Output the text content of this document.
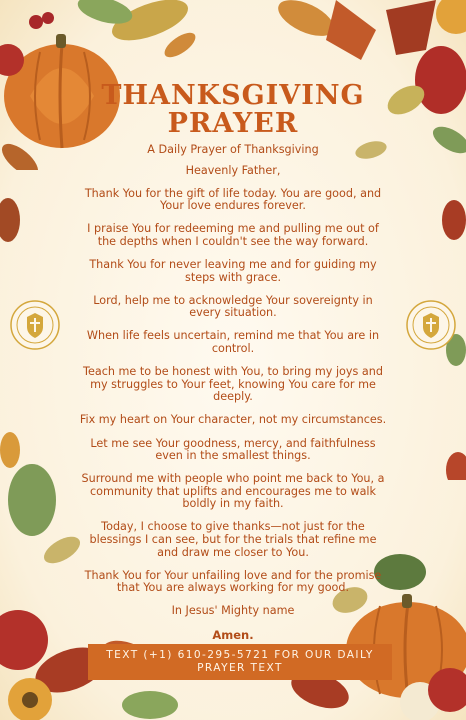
THANKSGIVING
PRAYER

A Daily Prayer of Thanksgiving

Heavenly Father,

Thank You for the gift of life today. You are good, and Your love endures forever.

I praise You for redeeming me and pulling me out of the depths when I couldn't see the way forward.

Thank You for never leaving me and for guiding my steps with grace.

Lord, help me to acknowledge Your sovereignty in every situation.

When life feels uncertain, remind me that You are in control.

Teach me to be honest with You, to bring my joys and my struggles to Your feet, knowing You care for me deeply.

Fix my heart on Your character, not my circumstances.

Let me see Your goodness, mercy, and faithfulness even in the smallest things.

Surround me with people who point me back to You, a community that uplifts and encourages me to walk boldly in my faith.

Today, I choose to give thanks—not just for the blessings I can see, but for the trials that refine me and draw me closer to You.

Thank You for Your unfailing love and for the promise that You are always working for my good.

In Jesus' Mighty name

Amen.

TEXT (+1) 610-295-5721 FOR OUR DAILY PRAYER TEXT
